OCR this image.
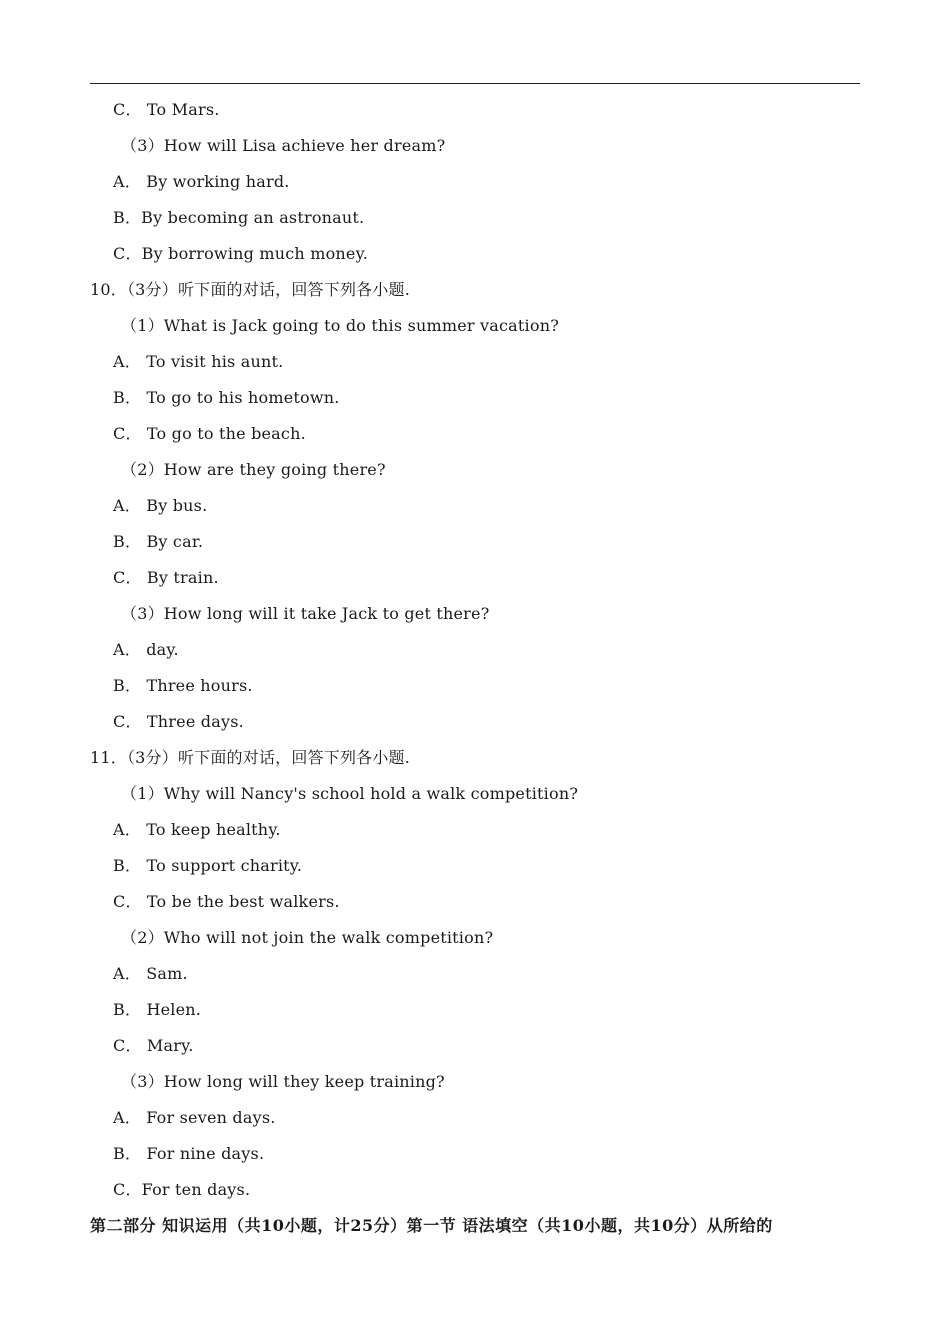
C． To Mars.
（3）How will Lisa achieve her dream?
A． By working hard.
B．By becoming an astronaut.
C．By borrowing much money.
10．（3分）听下面的对话，回答下列各小题.
（1）What is Jack going to do this summer vacation?
A． To visit his aunt.
B． To go to his hometown.
C． To go to the beach.
（2）How are they going there?
A． By bus.
B． By car.
C． By train.
（3）How long will it take Jack to get there?
A． day.
B． Three hours.
C． Three days.
11．（3分）听下面的对话，回答下列各小题.
（1）Why will Nancy's school hold a walk competition?
A． To keep healthy.
B． To support charity.
C． To be the best walkers.
（2）Who will not join the walk competition?
A． Sam.
B． Helen.
C． Mary.
（3）How long will they keep training?
A． For seven days.
B． For nine days.
C．For ten days.
第二部分 知识运用（共10小题，计25分）第一节 语法填空（共10小题，共10分）从所给的
